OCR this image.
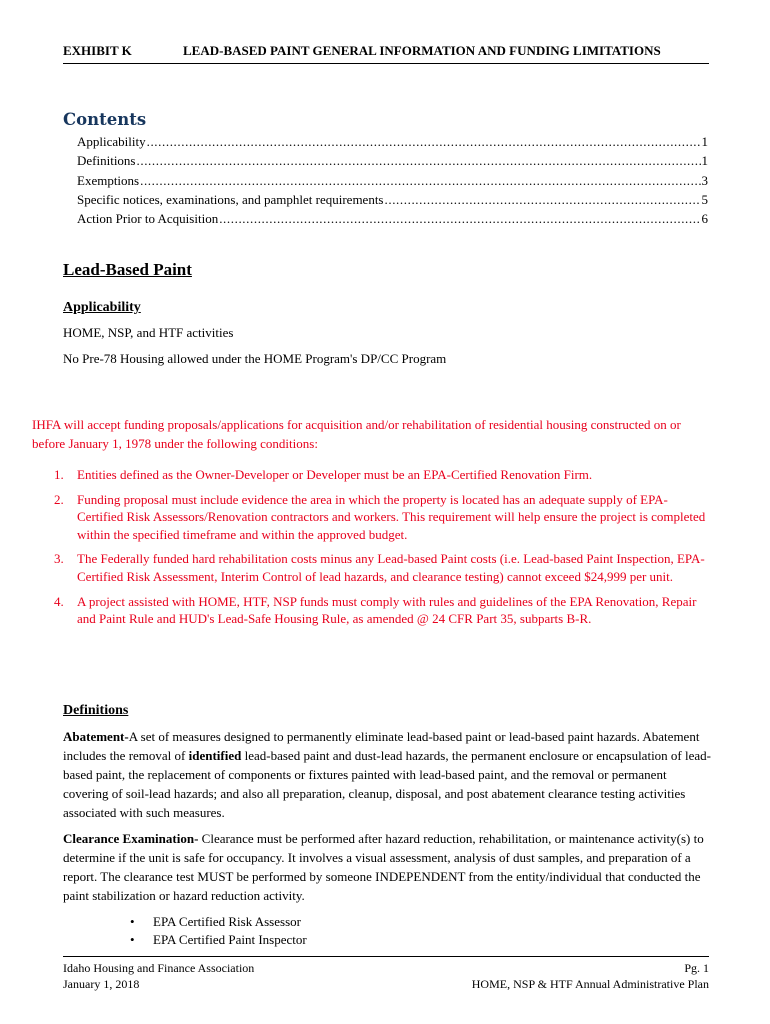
EXHIBIT K	LEAD-BASED PAINT GENERAL INFORMATION AND FUNDING LIMITATIONS
Contents
Applicability .....	1
Definitions .....	1
Exemptions .....	3
Specific notices, examinations, and pamphlet requirements .....	5
Action Prior to Acquisition .....	6
Lead-Based Paint
Applicability

HOME, NSP, and HTF activities

No Pre-78 Housing allowed under the HOME Program's DP/CC Program

IHFA will accept funding proposals/applications for acquisition and/or rehabilitation of residential housing constructed on or before January 1, 1978 under the following conditions:

1. Entities defined as the Owner-Developer or Developer must be an EPA-Certified Renovation Firm.
2. Funding proposal must include evidence the area in which the property is located has an adequate supply of EPA-Certified Risk Assessors/Renovation contractors and workers. This requirement will help ensure the project is completed within the specified timeframe and within the approved budget.
3. The Federally funded hard rehabilitation costs minus any Lead-based Paint costs (i.e. Lead-based Paint Inspection, EPA- Certified Risk Assessment, Interim Control of lead hazards, and clearance testing) cannot exceed $24,999 per unit.
4. A project assisted with HOME, HTF, NSP funds must comply with rules and guidelines of the EPA Renovation, Repair and Paint Rule and HUD's Lead-Safe Housing Rule, as amended @ 24 CFR Part 35, subparts B-R.
Definitions

Abatement-A set of measures designed to permanently eliminate lead-based paint or lead-based paint hazards. Abatement includes the removal of identified lead-based paint and dust-lead hazards, the permanent enclosure or encapsulation of lead-based paint, the replacement of components or fixtures painted with lead-based paint, and the removal or permanent covering of soil-lead hazards; and also all preparation, cleanup, disposal, and post abatement clearance testing activities associated with such measures.

Clearance Examination- Clearance must be performed after hazard reduction, rehabilitation, or maintenance activity(s) to determine if the unit is safe for occupancy. It involves a visual assessment, analysis of dust samples, and preparation of a report. The clearance test MUST be performed by someone INDEPENDENT from the entity/individual that conducted the paint stabilization or hazard reduction activity.

• EPA Certified Risk Assessor
• EPA Certified Paint Inspector
Idaho Housing and Finance Association
January 1, 2018
Pg. 1
HOME, NSP & HTF Annual Administrative Plan
